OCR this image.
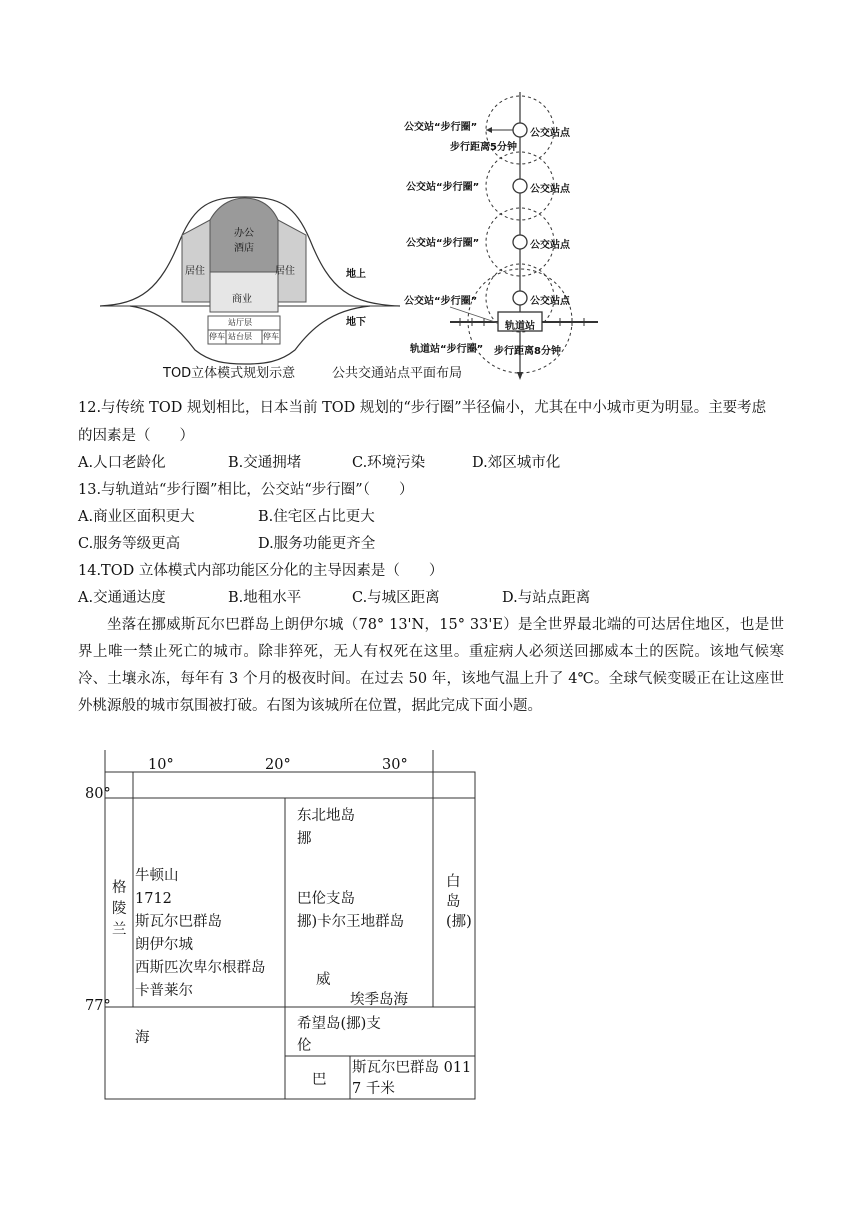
办公
酒店
居住	居住
商业
站厅层
停车 站台层 停车
地上
地下
TOD立体模式规划示意
公交站“步行圈”
公交站点
步行距离5分钟
公交站“步行圈”	公交站点
公交站“步行圈”	公交站点
公交站“步行圈”	公交站点
轨道站
轨道站“步行圈” 步行距离8分钟
公共交通站点平面布局
12.与传统 TOD 规划相比，日本当前 TOD 规划的“步行圈”半径偏小，尤其在中小城市更为明显。主要考虑
的因素是（　　）
A.人口老龄化	B.交通拥堵	C.环境污染	D.郊区城市化
13.与轨道站“步行圈”相比，公交站“步行圈”（　　）
A.商业区面积更大	B.住宅区占比更大
C.服务等级更高	D.服务功能更齐全
14.TOD 立体模式内部功能区分化的主导因素是（　　）
A.交通通达度	B.地租水平	C.与城区距离	D.与站点距离
坐落在挪威斯瓦尔巴群岛上朗伊尔城（78° 13'N，15° 33'E）是全世界最北端的可达居住地区，也是世界上唯一禁止死亡的城市。除非猝死，无人有权死在这里。重症病人必须送回挪威本土的医院。该地气候寒冷、土壤永冻，每年有 3 个月的极夜时间。在过去 50 年，该地气温上升了 4℃。全球气候变暖正在让这座世外桃源般的城市氛围被打破。右图为该城所在位置，据此完成下面小题。
10°	20°	30°
80°
77°
格
陵
兰
牛顿山
1712
斯瓦尔巴群岛
朗伊尔城
西斯匹次卑尔根群岛
卡普莱尔
海
东北地岛
挪
巴伦支岛
挪)卡尔王地群岛
威
埃季岛海
希望岛(挪)支
伦
巴
斯瓦尔巴群岛 011
7 千米
白
岛
(挪)
